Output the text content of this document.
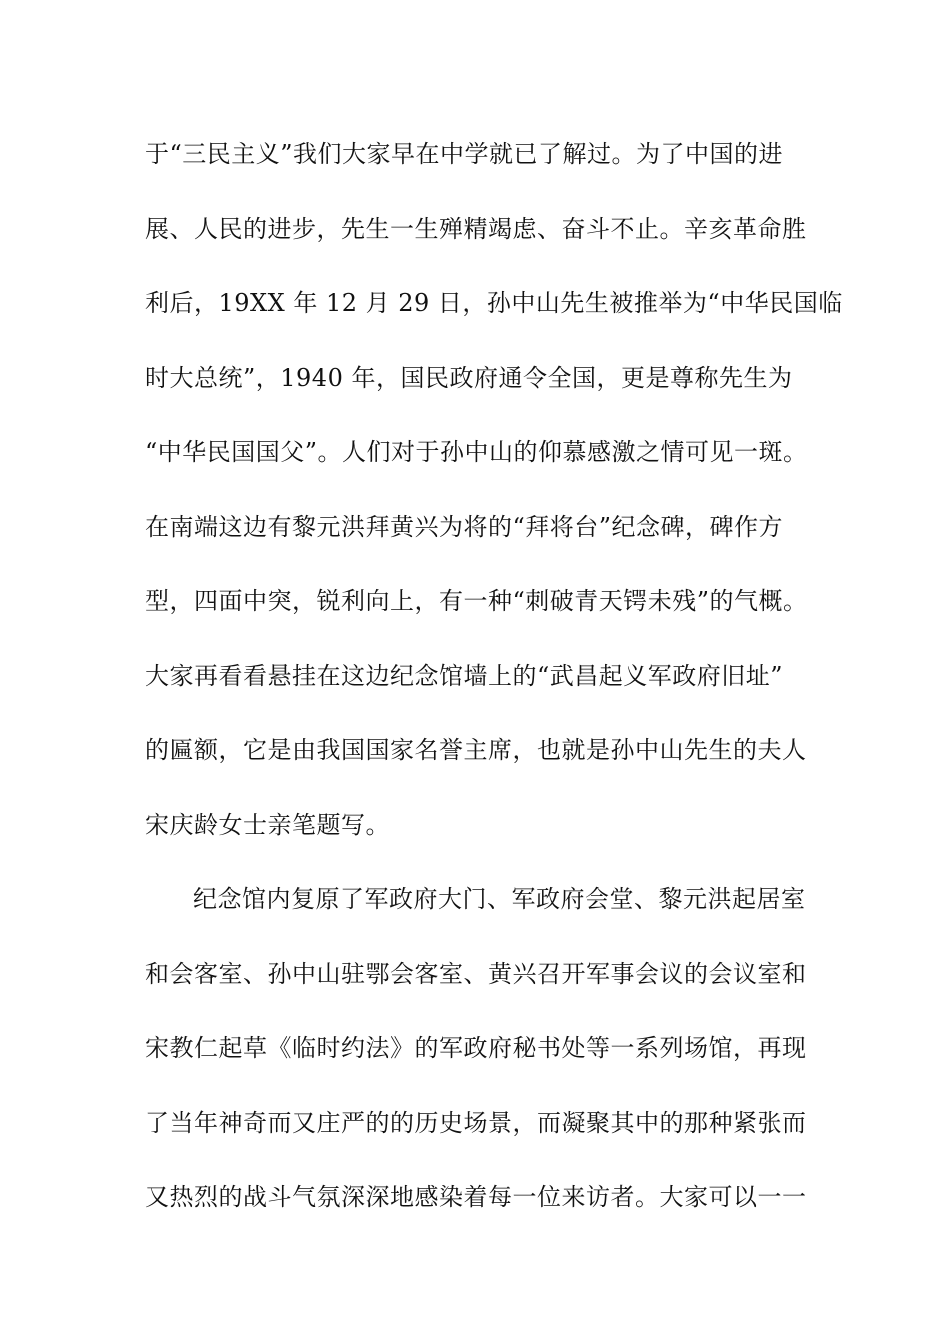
于“三民主义”我们大家早在中学就已了解过。为了中国的进
展、人民的进步，先生一生殚精竭虑、奋斗不止。辛亥革命胜
利后，19XX 年 12 月 29 日，孙中山先生被推举为“中华民国临
时大总统”，1940 年，国民政府通令全国，更是尊称先生为
“中华民国国父”。人们对于孙中山的仰慕感激之情可见一斑。
在南端这边有黎元洪拜黄兴为将的“拜将台”纪念碑，碑作方
型，四面中突，锐利向上，有一种“刺破青天锷未残”的气概。
大家再看看悬挂在这边纪念馆墙上的“武昌起义军政府旧址”
的匾额，它是由我国国家名誉主席，也就是孙中山先生的夫人
宋庆龄女士亲笔题写。
纪念馆内复原了军政府大门、军政府会堂、黎元洪起居室
和会客室、孙中山驻鄂会客室、黄兴召开军事会议的会议室和
宋教仁起草《临时约法》的军政府秘书处等一系列场馆，再现
了当年神奇而又庄严的的历史场景，而凝聚其中的那种紧张而
又热烈的战斗气氛深深地感染着每一位来访者。大家可以一一
